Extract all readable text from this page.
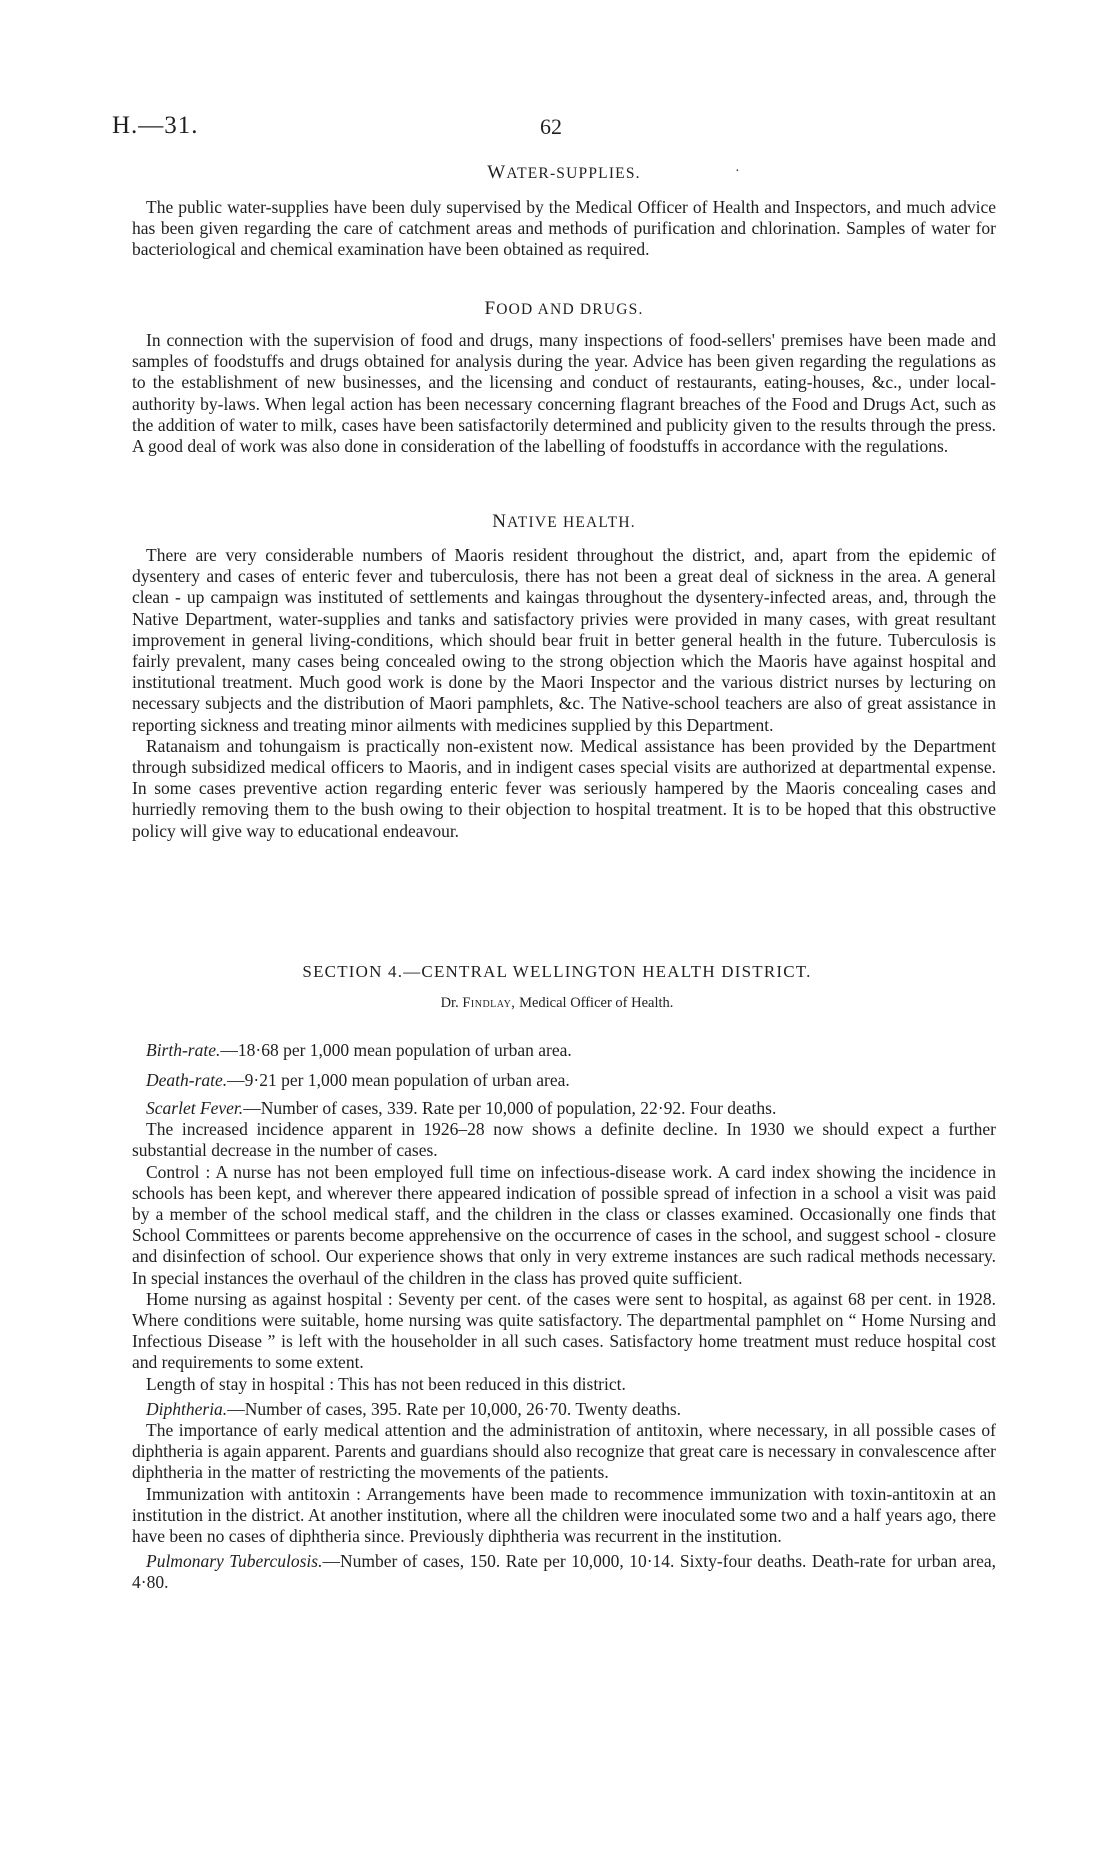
H.—31.	62
WATER-SUPPLIES.	·

The public water-supplies have been duly supervised by the Medical Officer of Health and Inspectors, and much advice has been given regarding the care of catchment areas and methods of purification and chlorination. Samples of water for bacteriological and chemical examination have been obtained as required.

FOOD AND DRUGS.

In connection with the supervision of food and drugs, many inspections of food-sellers' premises have been made and samples of foodstuffs and drugs obtained for analysis during the year. Advice has been given regarding the regulations as to the establishment of new businesses, and the licensing and conduct of restaurants, eating-houses, &c., under local-authority by-laws. When legal action has been necessary concerning flagrant breaches of the Food and Drugs Act, such as the addition of water to milk, cases have been satisfactorily determined and publicity given to the results through the press. A good deal of work was also done in consideration of the labelling of foodstuffs in accordance with the regulations.

NATIVE HEALTH.

There are very considerable numbers of Maoris resident throughout the district, and, apart from the epidemic of dysentery and cases of enteric fever and tuberculosis, there has not been a great deal of sickness in the area. A general clean - up campaign was instituted of settlements and kaingas throughout the dysentery-infected areas, and, through the Native Department, water-supplies and tanks and satisfactory privies were provided in many cases, with great resultant improvement in general living-conditions, which should bear fruit in better general health in the future. Tuberculosis is fairly prevalent, many cases being concealed owing to the strong objection which the Maoris have against hospital and institutional treatment. Much good work is done by the Maori Inspector and the various district nurses by lecturing on necessary subjects and the distribution of Maori pamphlets, &c. The Native-school teachers are also of great assistance in reporting sickness and treating minor ailments with medicines supplied by this Department.

Ratanaism and tohungaism is practically non-existent now. Medical assistance has been provided by the Department through subsidized medical officers to Maoris, and in indigent cases special visits are authorized at departmental expense. In some cases preventive action regarding enteric fever was seriously hampered by the Maoris concealing cases and hurriedly removing them to the bush owing to their objection to hospital treatment. It is to be hoped that this obstructive policy will give way to educational endeavour.

SECTION 4.—CENTRAL WELLINGTON HEALTH DISTRICT.
Dr. Findlay, Medical Officer of Health.

Birth-rate.—18·68 per 1,000 mean population of urban area.

Death-rate.—9·21 per 1,000 mean population of urban area.

Scarlet Fever.—Number of cases, 339. Rate per 10,000 of population, 22·92. Four deaths.

The increased incidence apparent in 1926–28 now shows a definite decline. In 1930 we should expect a further substantial decrease in the number of cases.

Control : A nurse has not been employed full time on infectious-disease work. A card index showing the incidence in schools has been kept, and wherever there appeared indication of possible spread of infection in a school a visit was paid by a member of the school medical staff, and the children in the class or classes examined. Occasionally one finds that School Committees or parents become apprehensive on the occurrence of cases in the school, and suggest school - closure and disinfection of school. Our experience shows that only in very extreme instances are such radical methods necessary. In special instances the overhaul of the children in the class has proved quite sufficient.

Home nursing as against hospital : Seventy per cent. of the cases were sent to hospital, as against 68 per cent. in 1928. Where conditions were suitable, home nursing was quite satisfactory. The departmental pamphlet on “ Home Nursing and Infectious Disease ” is left with the householder in all such cases. Satisfactory home treatment must reduce hospital cost and requirements to some extent.

Length of stay in hospital : This has not been reduced in this district.

Diphtheria.—Number of cases, 395. Rate per 10,000, 26·70. Twenty deaths.

The importance of early medical attention and the administration of antitoxin, where necessary, in all possible cases of diphtheria is again apparent. Parents and guardians should also recognize that great care is necessary in convalescence after diphtheria in the matter of restricting the movements of the patients.

Immunization with antitoxin : Arrangements have been made to recommence immunization with toxin-antitoxin at an institution in the district. At another institution, where all the children were inoculated some two and a half years ago, there have been no cases of diphtheria since. Previously diphtheria was recurrent in the institution.

Pulmonary Tuberculosis.—Number of cases, 150. Rate per 10,000, 10·14. Sixty-four deaths. Death-rate for urban area, 4·80.
